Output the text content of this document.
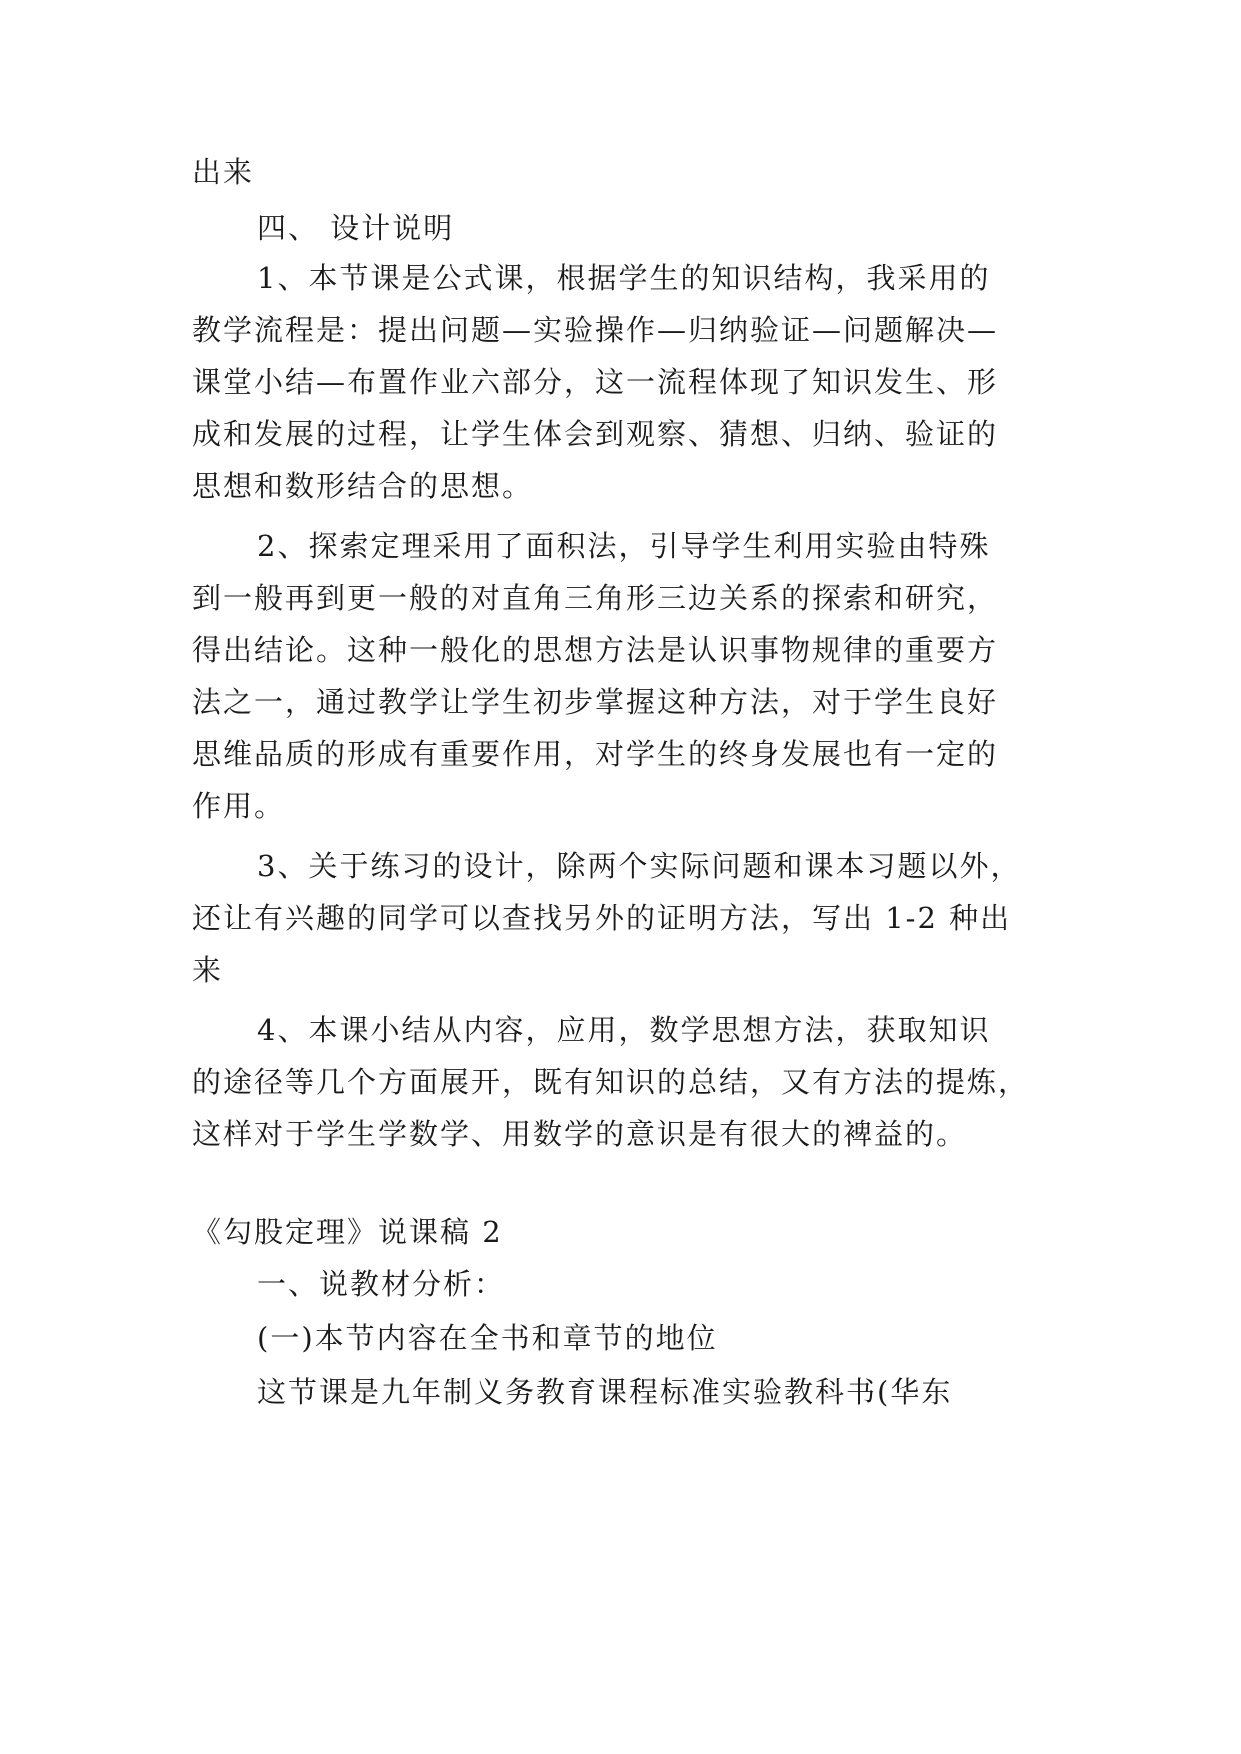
出来
四、 设计说明
1、本节课是公式课，根据学生的知识结构，我采用的
教学流程是：提出问题—实验操作—归纳验证—问题解决—
课堂小结—布置作业六部分，这一流程体现了知识发生、形
成和发展的过程，让学生体会到观察、猜想、归纳、验证的
思想和数形结合的思想。
2、探索定理采用了面积法，引导学生利用实验由特殊
到一般再到更一般的对直角三角形三边关系的探索和研究，
得出结论。这种一般化的思想方法是认识事物规律的重要方
法之一，通过教学让学生初步掌握这种方法，对于学生良好
思维品质的形成有重要作用，对学生的终身发展也有一定的
作用。
3、关于练习的设计，除两个实际问题和课本习题以外，
还让有兴趣的同学可以查找另外的证明方法，写出 1-2 种出
来
4、本课小结从内容，应用，数学思想方法，获取知识
的途径等几个方面展开，既有知识的总结，又有方法的提炼，
这样对于学生学数学、用数学的意识是有很大的裨益的。
《勾股定理》说课稿 2
一、说教材分析：
(一)本节内容在全书和章节的地位
这节课是九年制义务教育课程标准实验教科书(华东
